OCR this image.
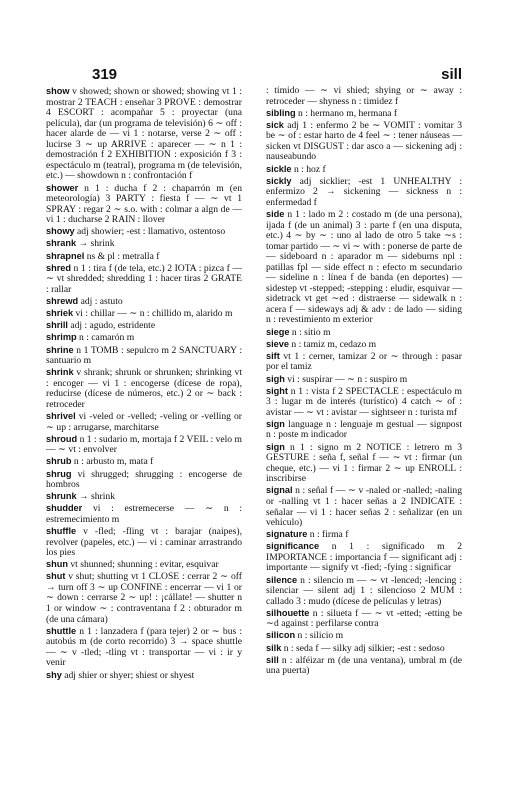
319	sill

show v showed; shown or showed; showing vt 1 : mostrar 2 TEACH : enseñar 3 PROVE : demostrar 4 ESCORT : acompañar 5 : proyectar (una película), dar (un programa de televisión) 6 ∼ off : hacer alarde de — vi 1 : notarse, verse 2 ∼ off : lucirse 3 ∼ up ARRIVE : aparecer — ∼ n 1 : demostración f 2 EXHIBITION : exposición f 3 : espectáculo m (teatral), programa m (de televisión, etc.) — showdown n : confrontación f

shower n 1 : ducha f 2 : chaparrón m (en meteorología) 3 PARTY : fiesta f — ∼ vt 1 SPRAY : regar 2 ∼ s.o. with : colmar a algn de — vi 1 : ducharse 2 RAIN : llover

showy adj showier; -est : llamativo, ostentoso

shrank → shrink

shrapnel ns & pl : metralla f

shred n 1 : tira f (de tela, etc.) 2 IOTA : pizca f — ∼ vt shredded; shredding 1 : hacer tiras 2 GRATE : rallar

shrewd adj : astuto

shriek vi : chillar — ∼ n : chillido m, alarido m

shrill adj : agudo, estridente

shrimp n : camarón m

shrine n 1 TOMB : sepulcro m 2 SANCTUARY : santuario m

shrink v shrank; shrunk or shrunken; shrinking vt : encoger — vi 1 : encogerse (dícese de ropa), reducirse (dícese de números, etc.) 2 or ∼ back : retroceder

shrivel vi -veled or -velled; -veling or -velling or ∼ up : arrugarse, marchitarse

shroud n 1 : sudario m, mortaja f 2 VEIL : velo m — ∼ vt : envolver

shrub n : arbusto m, mata f

shrug vi shrugged; shrugging : encogerse de hombros

shrunk → shrink

shudder vi : estremecerse — ∼ n : estremecimiento m

shuffle v -fled; -fling vt : barajar (naipes), revolver (papeles, etc.) — vi : caminar arrastrando los pies

shun vt shunned; shunning : evitar, esquivar

shut v shut; shutting vt 1 CLOSE : cerrar 2 ∼ off → turn off 3 ∼ up CONFINE : encerrar — vi 1 or ∼ down : cerrarse 2 ∼ up! : ¡cállate! — shutter n 1 or window ∼ : contraventana f 2 : obturador m (de una cámara)

shuttle n 1 : lanzadera f (para tejer) 2 or ∼ bus : autobús m (de corto recorrido) 3 → space shuttle — ∼ v -tled; -tling vt : transportar — vi : ir y venir

shy adj shier or shyer; shiest or shyest

: tímido — ∼ vi shied; shying or ∼ away : retroceder — shyness n : timidez f

sibling n : hermano m, hermana f

sick adj 1 : enfermo 2 be ∼ VOMIT : vomitar 3 be ∼ of : estar harto de 4 feel ∼ : tener náuseas — sicken vt DISGUST : dar asco a — sickening adj : nauseabundo

sickle n : hoz f

sickly adj sicklier; -est 1 UNHEALTHY : enfermizo 2 → sickening — sickness n : enfermedad f

side n 1 : lado m 2 : costado m (de una persona), ijada f (de un animal) 3 : parte f (en una disputa, etc.) 4 ∼ by ∼ : uno al lado de otro 5 take ∼s : tomar partido — ∼ vi ∼ with : ponerse de parte de — sideboard n : aparador m — sideburns npl : patillas fpl — side effect n : efecto m secundario — sideline n : línea f de banda (en deportes) — sidestep vt -stepped; -stepping : eludir, esquivar — sidetrack vt get ∼ed : distraerse — sidewalk n : acera f — sideways adj & adv : de lado — siding n : revestimiento m exterior

siege n : sitio m

sieve n : tamiz m, cedazo m

sift vt 1 : cerner, tamizar 2 or ∼ through : pasar por el tamiz

sigh vi : suspirar — ∼ n : suspiro m

sight n 1 : vista f 2 SPECTACLE : espectáculo m 3 : lugar m de interés (turístico) 4 catch ∼ of : avistar — ∼ vt : avistar — sightseer n : turista mf

sign language n : lenguaje m gestual — signpost n : poste m indicador

sign n 1 : signo m 2 NOTICE : letrero m 3 GESTURE : seña f, señal f — ∼ vt : firmar (un cheque, etc.) — vi 1 : firmar 2 ∼ up ENROLL : inscribirse

signal n : señal f — ∼ v -naled or -nalled; -naling or -nalling vt 1 : hacer señas a 2 INDICATE : señalar — vi 1 : hacer señas 2 : señalizar (en un vehículo)

signature n : firma f

significance n 1 : significado m 2 IMPORTANCE : importancia f — significant adj : importante — signify vt -fied; -fying : significar

silence n : silencio m — ∼ vt -lenced; -lencing : silenciar — silent adj 1 : silencioso 2 MUM : callado 3 : mudo (dícese de películas y letras)

silhouette n : silueta f — ∼ vt -etted; -etting be ∼d against : perfilarse contra

silicon n : silicio m

silk n : seda f — silky adj silkier; -est : sedoso

sill n : alféizar m (de una ventana), umbral m (de una puerta)
